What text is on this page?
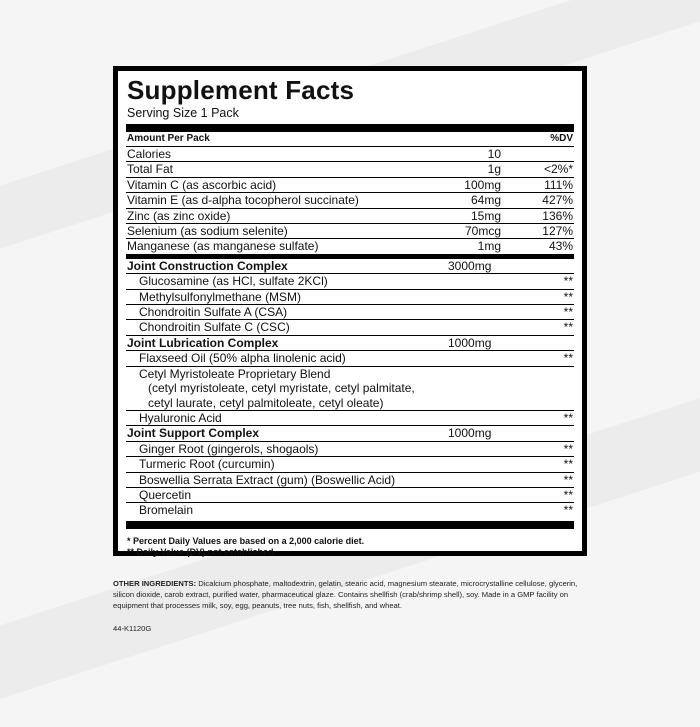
Supplement Facts
Serving Size 1 Pack
Amount Per Pack	%DV
Calories	10
Total Fat	1g	<2%*
Vitamin C (as ascorbic acid)	100mg	111%
Vitamin E (as d-alpha tocopherol succinate)	64mg	427%
Zinc (as zinc oxide)	15mg	136%
Selenium (as sodium selenite)	70mcg	127%
Manganese (as manganese sulfate)	1mg	43%
Joint Construction Complex	3000mg
Glucosamine (as HCl, sulfate 2KCl)	**
Methylsulfonylmethane (MSM)	**
Chondroitin Sulfate A (CSA)	**
Chondroitin Sulfate C (CSC)	**
Joint Lubrication Complex	1000mg
Flaxseed Oil (50% alpha linolenic acid)	**
Cetyl Myristoleate Proprietary Blend
(cetyl myristoleate, cetyl myristate, cetyl palmitate,
cetyl laurate, cetyl palmitoleate, cetyl oleate)
Hyaluronic Acid	**
Joint Support Complex	1000mg
Ginger Root (gingerols, shogaols)	**
Turmeric Root (curcumin)	**
Boswellia Serrata Extract (gum) (Boswellic Acid)	**
Quercetin	**
Bromelain	**
* Percent Daily Values are based on a 2,000 calorie diet.
** Daily Value (DV) not established.
OTHER INGREDIENTS: Dicalcium phosphate, maltodextrin, gelatin, stearic acid, magnesium stearate, microcrystalline cellulose, glycerin, silicon dioxide, carob extract, purified water, pharmaceutical glaze. Contains shellfish (crab/shrimp shell), soy. Made in a GMP facility on equipment that processes milk, soy, egg, peanuts, tree nuts, fish, shellfish, and wheat.
44-K1120G
